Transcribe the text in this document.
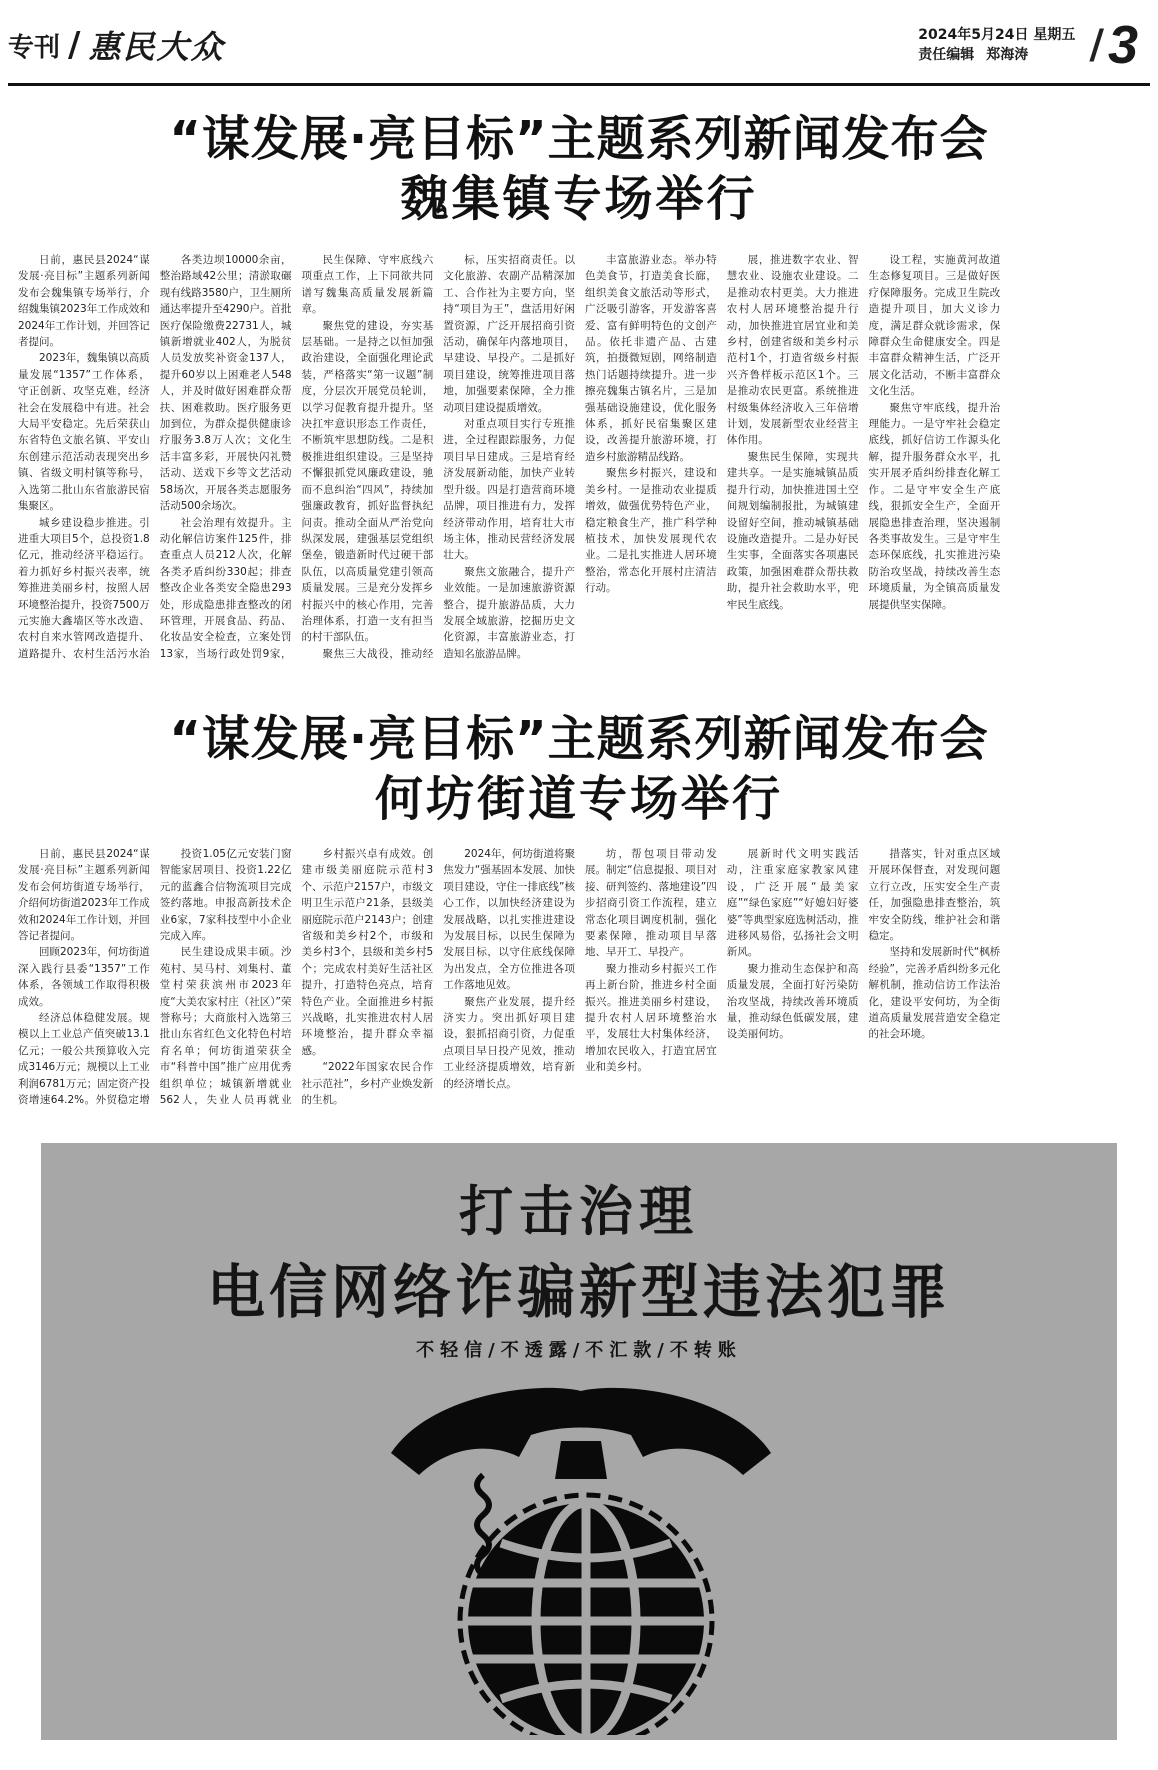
专刊 / 惠民大众	2024年5月24日 星期五
责任编辑 郑海涛 / 3
“谋发展·亮目标”主题系列新闻发布会
魏集镇专场举行

日前，惠民县2024“谋发展·亮目标”主题系列新闻发布会魏集镇专场举行，介绍魏集镇2023年工作成效和2024年工作计划，并回答记者提问。

2023年，魏集镇以高质量发展“1357”工作体系，守正创新、攻坚克难，经济社会在发展稳中有进。社会大局平安稳定。先后荣获山东省特色文旅名镇、平安山东创建示范活动表现突出乡镇、省级文明村镇等称号，入选第二批山东省旅游民宿集聚区。

城乡建设稳步推进。引进重大项目5个，总投资1.8亿元，推动经济平稳运行。着力抓好乡村振兴表率，统筹推进美丽乡村，按照人居环境整治提升，投资7500万元实施大鑫墙区等水改造、农村自来水管网改造提升、道路提升、农村生活污水治

各类边坝10000余亩，整治路域42公里；清淤取碾现有线路3580户，卫生厕所通达率提升至4290户。首批医疗保险缴费22731人，城镇新增就业402人，为脱贫人员发放奖补资金137人，提升60岁以上困难老人548人，并及时做好困难群众帮扶、困难救助。医疗服务更加到位，为群众提供健康诊疗服务3.8万人次；文化生活丰富多彩，开展快闪礼赞活动、送戏下乡等文艺活动58场次，开展各类志愿服务活动500余场次。

社会治理有效提升。主动化解信访案件125件，排查重点人员212人次，化解各类矛盾纠纷330起；排查整改企业各类安全隐患293处，形成隐患排查整改的闭环管理，开展食品、药品、化妆品安全检查，立案处罚13家，当场行政处罚9家，

民生保障、守牢底线六项重点工作，上下同欲共同谱写魏集高质量发展新篇章。

聚焦党的建设，夯实基层基础。一是持之以恒加强政治建设，全面强化理论武装，严格落实“第一议题”制度，分层次开展党员轮训，以学习促教育提升提升。坚决扛牢意识形态工作责任，不断筑牢思想防线。二是积极推进组织建设。三是坚持不懈狠抓党风廉政建设，驰而不息纠治“四风”，持续加强廉政教育，抓好监督执纪问责。推动全面从严治党向纵深发展，建强基层党组织堡垒，锻造新时代过硬干部队伍，以高质量党建引领高质量发展。三是充分发挥乡村振兴中的核心作用，完善治理体系，打造一支有担当的村干部队伍。

聚焦三大战役，推动经

标，压实招商责任。以文化旅游、农副产品精深加工、合作社为主要方向，坚持“项目为王”，盘活用好闲置资源，广泛开展招商引资活动，确保年内落地项目，早建设、早投产。二是抓好项目建设，统筹推进项目落地，加强要素保障，全力推动项目建设提质增效。

对重点项目实行专班推进，全过程跟踪服务，力促项目早日建成。三是培育经济发展新动能，加快产业转型升级。四是打造营商环境品牌，项目推进有力，发挥经济带动作用，培育壮大市场主体，推动民营经济发展壮大。

聚焦文旅融合，提升产业效能。一是加速旅游资源整合，提升旅游品质，大力发展全域旅游，挖掘历史文化资源，丰富旅游业态，打造知名旅游品牌。

丰富旅游业态。举办特色美食节，打造美食长廊，组织美食文旅活动等形式，广泛吸引游客，开发游客喜爱、富有鲜明特色的文创产品。依托非遗产品、古建筑，拍摄微短剧，网络制造热门话题持续提升。进一步擦亮魏集古镇名片，三是加强基础设施建设，优化服务体系，抓好民宿集聚区建设，改善提升旅游环境，打造乡村旅游精品线路。

聚焦乡村振兴，建设和美乡村。一是推动农业提质增效，做强优势特色产业，稳定粮食生产，推广科学种植技术，加快发展现代农业。二是扎实推进人居环境整治，常态化开展村庄清洁行动。

展，推进数字农业、智慧农业、设施农业建设。二是推动农村更美。大力推进农村人居环境整治提升行动，加快推进宜居宜业和美乡村，创建省级和美乡村示范村1个，打造省级乡村振兴齐鲁样板示范区1个。三是推动农民更富。系统推进村级集体经济收入三年倍增计划，发展新型农业经营主体作用。

聚焦民生保障，实现共建共享。一是实施城镇品质提升行动，加快推进国土空间规划编制报批，为城镇建设留好空间，推动城镇基础设施改造提升。二是办好民生实事，全面落实各项惠民政策，加强困难群众帮扶救助，提升社会救助水平，兜牢民生底线。

设工程，实施黄河故道生态修复项目。三是做好医疗保障服务。完成卫生院改造提升项目，加大义诊力度，满足群众就诊需求，保障群众生命健康安全。四是丰富群众精神生活，广泛开展文化活动，不断丰富群众文化生活。

聚焦守牢底线，提升治理能力。一是守牢社会稳定底线，抓好信访工作源头化解，提升服务群众水平，扎实开展矛盾纠纷排查化解工作。二是守牢安全生产底线，狠抓安全生产，全面开展隐患排查治理，坚决遏制各类事故发生。三是守牢生态环保底线，扎实推进污染防治攻坚战，持续改善生态环境质量，为全镇高质量发展提供坚实保障。

“谋发展·亮目标”主题系列新闻发布会
何坊街道专场举行

日前，惠民县2024“谋发展·亮目标”主题系列新闻发布会何坊街道专场举行，介绍何坊街道2023年工作成效和2024年工作计划，并回答记者提问。

回顾2023年，何坊街道深入践行县委“1357”工作体系，各领域工作取得积极成效。

经济总体稳健发展。规模以上工业总产值突破13.1亿元；一般公共预算收入完成3146万元；规模以上工业利润6781万元；固定资产投资增速64.2%。外贸稳定增

投资1.05亿元安装门窗智能家居项目、投资1.22亿元的蓝鑫合信物流项目完成签约落地。申报高新技术企业6家，7家科技型中小企业完成入库。

民生建设成果丰硕。沙苑村、吴马村、刘集村、董堂村荣获滨州市2023年度“大美农家村庄（社区）”荣誉称号；大商旅村入选第三批山东省红色文化特色村培育名单；何坊街道荣获全市“科普中国”推广应用优秀组织单位；城镇新增就业562人，失业人员再就业

乡村振兴卓有成效。创建市级美丽庭院示范村3个、示范户2157户，市级文明卫生示范户21条，县级美丽庭院示范户2143户；创建省级和美乡村2个，市级和美乡村3个，县级和美乡村5个；完成农村美好生活社区提升，打造特色亮点，培育特色产业。全面推进乡村振兴战略，扎实推进农村人居环境整治，提升群众幸福感。

“2022年国家农民合作社示范社”，乡村产业焕发新的生机。

2024年，何坊街道将聚焦发力“强基固本发展、加快项目建设，守住一排底线”核心工作，以加快经济建设为发展战略，以扎实推进建设为发展目标，以民生保障为发展目标，以守住底线保障为出发点，全方位推进各项工作落地见效。

聚焦产业发展，提升经济实力。突出抓好项目建设，狠抓招商引资，力促重点项目早日投产见效，推动工业经济提质增效，培育新的经济增长点。

坊，帮包项目带动发展。制定“信息提报、项目对接、研判签约、落地建设”四步招商引资工作流程，建立常态化项目调度机制，强化要素保障，推动项目早落地、早开工、早投产。

聚力推动乡村振兴工作再上新台阶，推进乡村全面振兴。推进美丽乡村建设，提升农村人居环境整治水平，发展壮大村集体经济，增加农民收入，打造宜居宜业和美乡村。

展新时代文明实践活动，注重家庭家教家风建设，广泛开展“最美家庭”“绿色家庭”“好媳妇好婆婆”等典型家庭选树活动，推进移风易俗，弘扬社会文明新风。

聚力推动生态保护和高质量发展，全面打好污染防治攻坚战，持续改善环境质量，推动绿色低碳发展，建设美丽何坊。

措落实，针对重点区域开展环保督查，对发现问题立行立改，压实安全生产责任，加强隐患排查整治，筑牢安全防线，维护社会和谐稳定。

坚持和发展新时代“枫桥经验”，完善矛盾纠纷多元化解机制，推动信访工作法治化，建设平安何坊，为全街道高质量发展营造安全稳定的社会环境。

打击治理
电信网络诈骗新型违法犯罪
不轻信/不透露/不汇款/不转账
